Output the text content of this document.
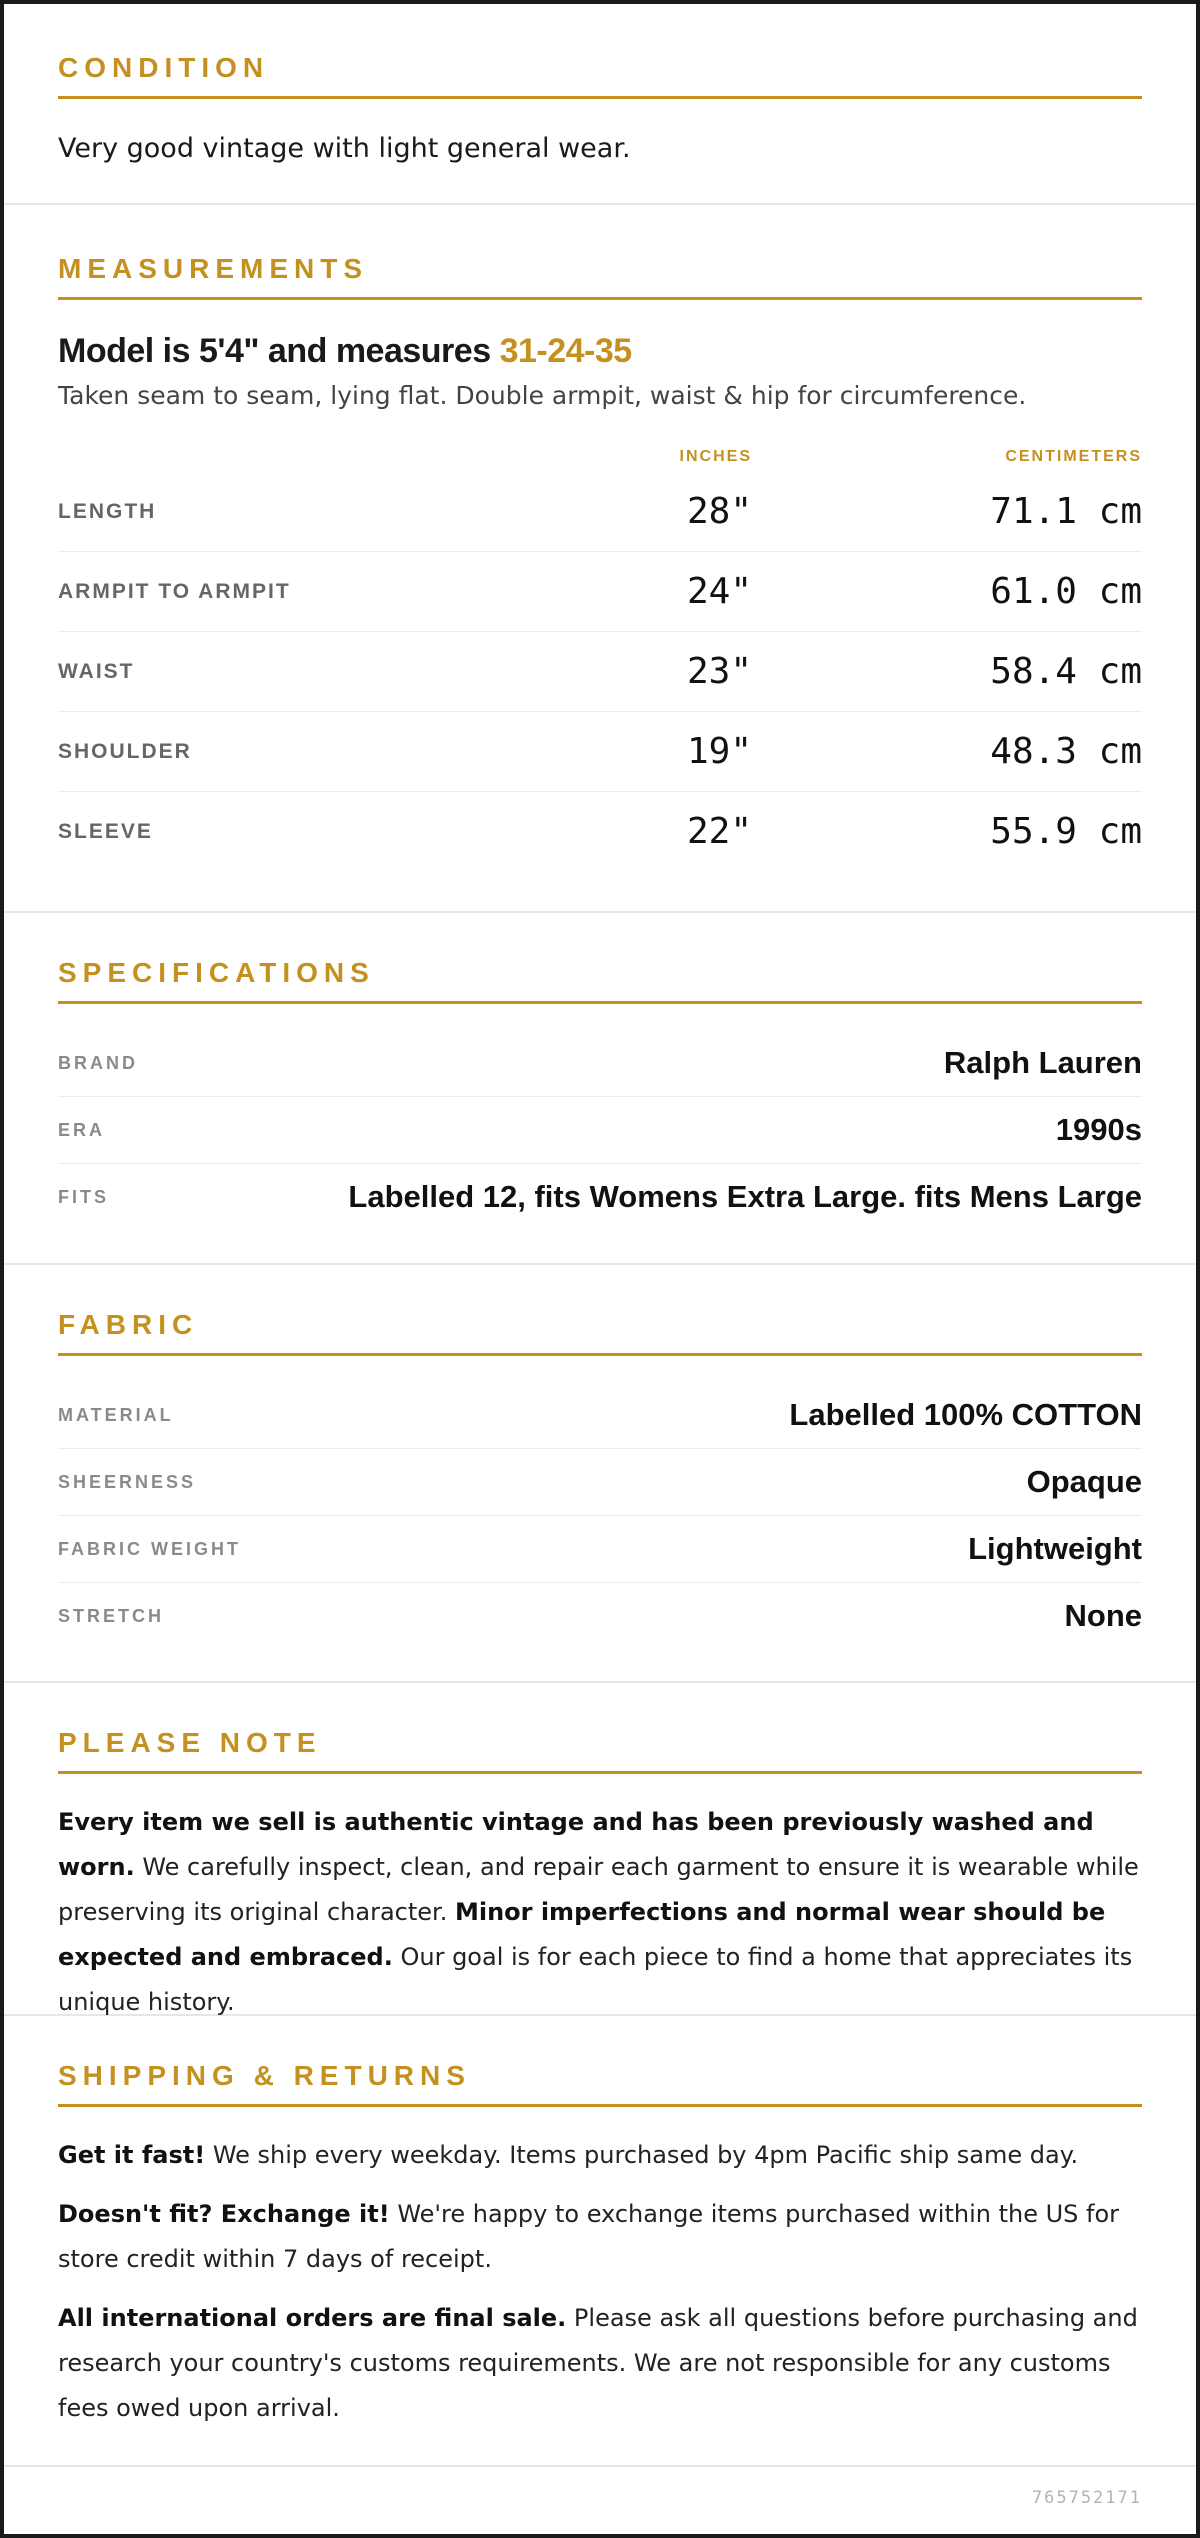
CONDITION
Very good vintage with light general wear.
MEASUREMENTS
Model is 5'4" and measures 31-24-35
Taken seam to seam, lying flat. Double armpit, waist & hip for circumference.
INCHES	CENTIMETERS
LENGTH	28"	71.1 cm
ARMPIT TO ARMPIT	24"	61.0 cm
WAIST	23"	58.4 cm
SHOULDER	19"	48.3 cm
SLEEVE	22"	55.9 cm
SPECIFICATIONS
BRAND	Ralph Lauren
ERA	1990s
FITS	Labelled 12, fits Womens Extra Large. fits Mens Large
FABRIC
MATERIAL	Labelled 100% COTTON
SHEERNESS	Opaque
FABRIC WEIGHT	Lightweight
STRETCH	None
PLEASE NOTE

Every item we sell is authentic vintage and has been previously washed and worn. We carefully inspect, clean, and repair each garment to ensure it is wearable while preserving its original character. Minor imperfections and normal wear should be expected and embraced. Our goal is for each piece to find a home that appreciates its unique history.

SHIPPING & RETURNS

Get it fast! We ship every weekday. Items purchased by 4pm Pacific ship same day.

Doesn't fit? Exchange it! We're happy to exchange items purchased within the US for store credit within 7 days of receipt.

All international orders are final sale. Please ask all questions before purchasing and research your country's customs requirements. We are not responsible for any customs fees owed upon arrival.

765752171
